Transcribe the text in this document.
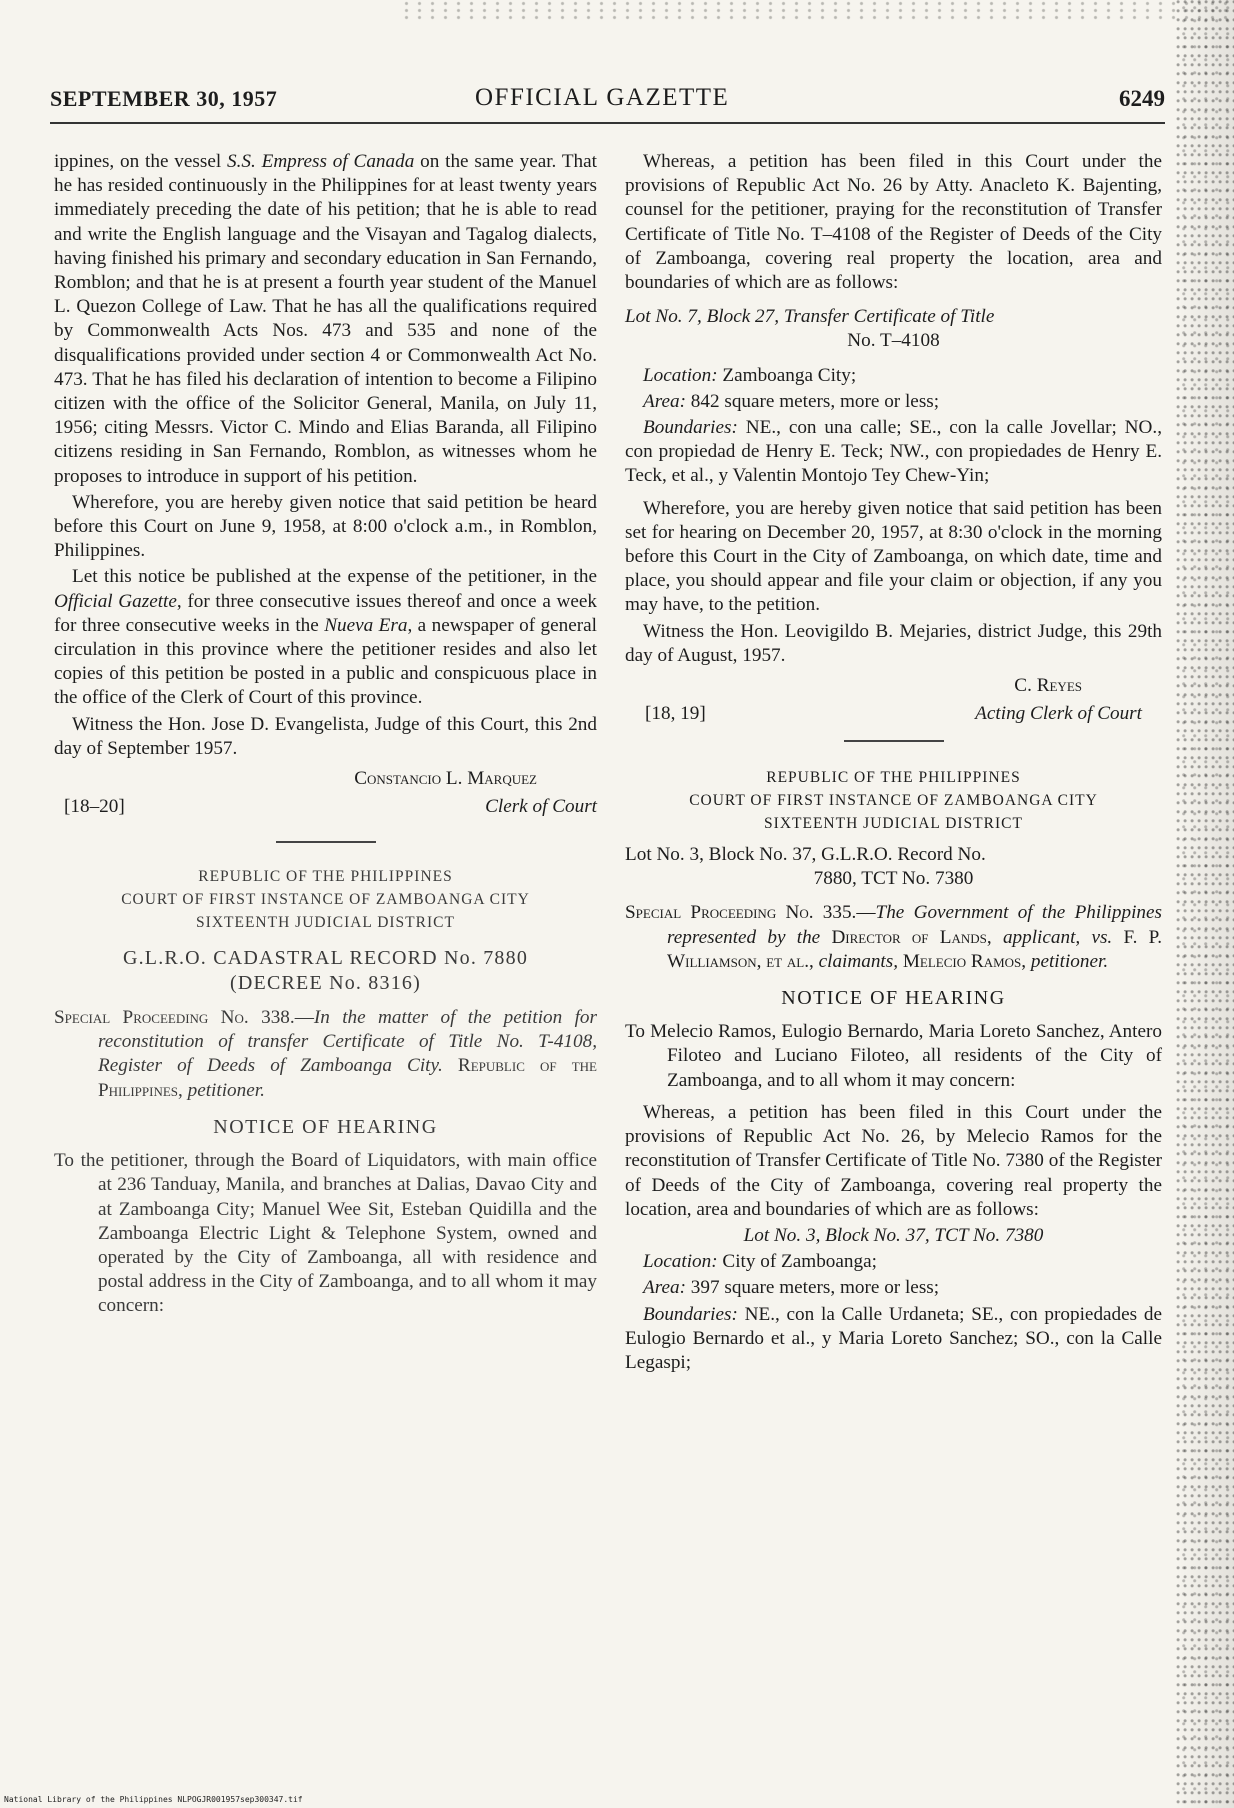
SEPTEMBER 30, 1957	OFFICIAL GAZETTE	6249

ippines, on the vessel S.S. Empress of Canada on the same year. That he has resided continuously in the Philippines for at least twenty years immediately preceding the date of his petition; that he is able to read and write the English language and the Visayan and Tagalog dialects, having finished his primary and secondary education in San Fernando, Romblon; and that he is at present a fourth year student of the Manuel L. Quezon College of Law. That he has all the qualifications required by Commonwealth Acts Nos. 473 and 535 and none of the disqualifications provided under section 4 or Commonwealth Act No. 473. That he has filed his declaration of intention to become a Filipino citizen with the office of the Solicitor General, Manila, on July 11, 1956; citing Messrs. Victor C. Mindo and Elias Baranda, all Filipino citizens residing in San Fernando, Romblon, as witnesses whom he proposes to introduce in support of his petition.

Wherefore, you are hereby given notice that said petition be heard before this Court on June 9, 1958, at 8:00 o'clock a.m., in Romblon, Philippines.

Let this notice be published at the expense of the petitioner, in the Official Gazette, for three consecutive issues thereof and once a week for three consecutive weeks in the Nueva Era, a newspaper of general circulation in this province where the petitioner resides and also let copies of this petition be posted in a public and conspicuous place in the office of the Clerk of Court of this province.

Witness the Hon. Jose D. Evangelista, Judge of this Court, this 2nd day of September 1957.

Constancio L. Marquez
[18–20]	Clerk of Court
REPUBLIC OF THE PHILIPPINES
COURT OF FIRST INSTANCE OF ZAMBOANGA CITY
SIXTEENTH JUDICIAL DISTRICT
G.L.R.O. CADASTRAL RECORD No. 7880
(DECREE No. 8316)

Special Proceeding No. 338.—In the matter of the petition for reconstitution of transfer Certificate of Title No. T-4108, Register of Deeds of Zamboanga City. Republic of the Philippines, petitioner.

NOTICE OF HEARING

To the petitioner, through the Board of Liquidators, with main office at 236 Tanduay, Manila, and branches at Dalias, Davao City and at Zamboanga City; Manuel Wee Sit, Esteban Quidilla and the Zamboanga Electric Light & Telephone System, owned and operated by the City of Zamboanga, all with residence and postal address in the City of Zamboanga, and to all whom it may concern:

Whereas, a petition has been filed in this Court under the provisions of Republic Act No. 26 by Atty. Anacleto K. Bajenting, counsel for the petitioner, praying for the reconstitution of Transfer Certificate of Title No. T–4108 of the Register of Deeds of the City of Zamboanga, covering real property the location, area and boundaries of which are as follows:

Lot No. 7, Block 27, Transfer Certificate of Title
No. T–4108

Location: Zamboanga City;

Area: 842 square meters, more or less;

Boundaries: NE., con una calle; SE., con la calle Jovellar; NO., con propiedad de Henry E. Teck; NW., con propiedades de Henry E. Teck, et al., y Valentin Montojo Tey Chew-Yin;

Wherefore, you are hereby given notice that said petition has been set for hearing on December 20, 1957, at 8:30 o'clock in the morning before this Court in the City of Zamboanga, on which date, time and place, you should appear and file your claim or objection, if any you may have, to the petition.

Witness the Hon. Leovigildo B. Mejaries, district Judge, this 29th day of August, 1957.

C. Reyes
[18, 19]	Acting Clerk of Court
REPUBLIC OF THE PHILIPPINES
COURT OF FIRST INSTANCE OF ZAMBOANGA CITY
SIXTEENTH JUDICIAL DISTRICT
Lot No. 3, Block No. 37, G.L.R.O. Record No.
7880, TCT No. 7380

Special Proceeding No. 335.—The Government of the Philippines represented by the Director of Lands, applicant, vs. F. P. Williamson, et al., claimants, Melecio Ramos, petitioner.

NOTICE OF HEARING

To Melecio Ramos, Eulogio Bernardo, Maria Loreto Sanchez, Antero Filoteo and Luciano Filoteo, all residents of the City of Zamboanga, and to all whom it may concern:

Whereas, a petition has been filed in this Court under the provisions of Republic Act No. 26, by Melecio Ramos for the reconstitution of Transfer Certificate of Title No. 7380 of the Register of Deeds of the City of Zamboanga, covering real property the location, area and boundaries of which are as follows:

Lot No. 3, Block No. 37, TCT No. 7380

Location: City of Zamboanga;

Area: 397 square meters, more or less;

Boundaries: NE., con la Calle Urdaneta; SE., con propiedades de Eulogio Bernardo et al., y Maria Loreto Sanchez; SO., con la Calle Legaspi;

National Library of the Philippines NLPOGJR001957sep300347.tif
